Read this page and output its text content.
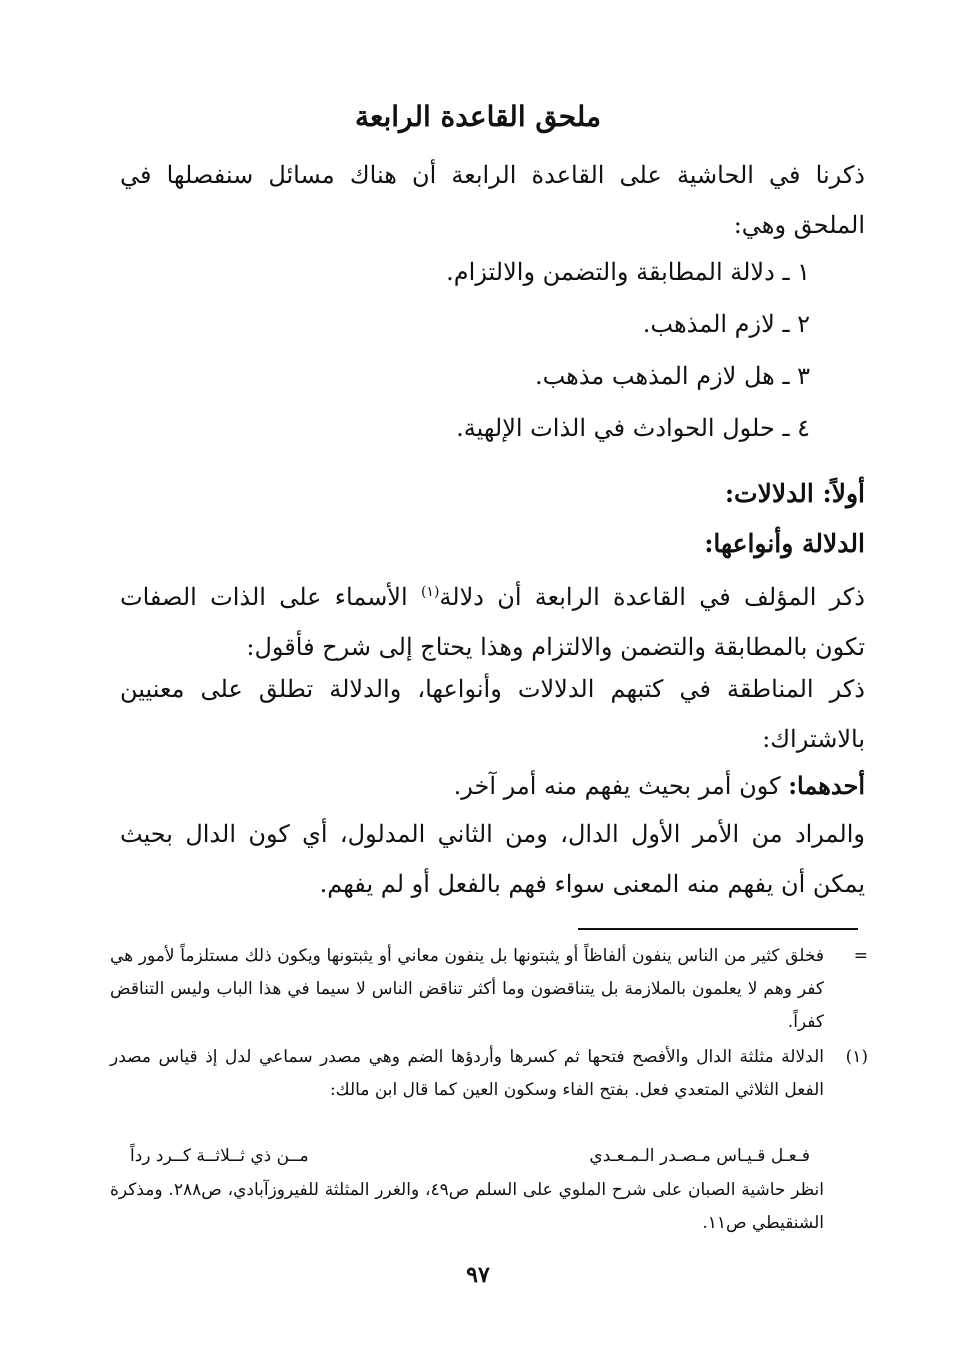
ملحق القاعدة الرابعة

ذكرنا في الحاشية على القاعدة الرابعة أن هناك مسائل سنفصلها في الملحق وهي:

١ ـ دلالة المطابقة والتضمن والالتزام.

٢ ـ لازم المذهب.

٣ ـ هل لازم المذهب مذهب.

٤ ـ حلول الحوادث في الذات الإلهية.

أولاً: الدلالات:

الدلالة وأنواعها:

ذكر المؤلف في القاعدة الرابعة أن دلالة$^{(١)}$ الأسماء على الذات الصفات تكون بالمطابقة والتضمن والالتزام وهذا يحتاج إلى شرح فأقول:

ذكر المناطقة في كتبهم الدلالات وأنواعها، والدلالة تطلق على معنيين بالاشتراك:

أحدهما: كون أمر بحيث يفهم منه أمر آخر.

والمراد من الأمر الأول الدال، ومن الثاني المدلول، أي كون الدال بحيث يمكن أن يفهم منه المعنى سواء فهم بالفعل أو لم يفهم.

=

فخلق كثير من الناس ينفون ألفاظاً أو يثبتونها بل ينفون معاني أو يثبتونها ويكون ذلك مستلزماً لأمور هي كفر وهم لا يعلمون بالملازمة بل يتناقضون وما أكثر تناقض الناس لا سيما في هذا الباب وليس التناقض كفراً.

(١)

الدلالة مثلثة الدال والأفصح فتحها ثم كسرها وأردؤها الضم وهي مصدر سماعي لدل إذ قياس مصدر الفعل الثلاثي المتعدي فعل. بفتح الفاء وسكون العين كما قال ابن مالك:

فـعـل قـيـاس مـصـدر الـمـعـدي
مــن ذي ثــلاثــة كــرد رداً

انظر حاشية الصبان على شرح الملوي على السلم ص٤٩، والغرر المثلثة للفيروزآبادي، ص٢٨٨. ومذكرة الشنقيطي ص١١.

٩٧
